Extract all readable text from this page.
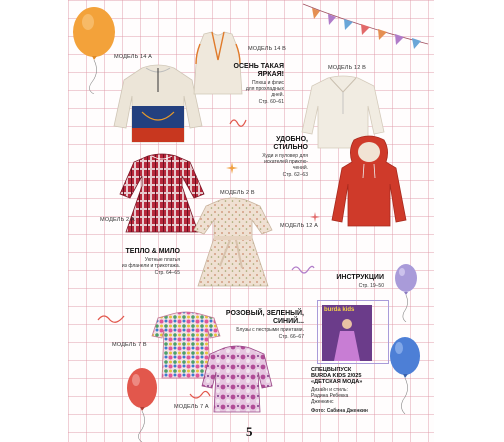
burda kids
МОДЕЛЬ 14 А
МОДЕЛЬ 14 В
МОДЕЛЬ 12 В
МОДЕЛЬ 2 В
МОДЕЛЬ 2 А
МОДЕЛЬ 12 А
МОДЕЛЬ 7 В
МОДЕЛЬ 7 А
ОСЕНЬ ТАКАЯ
ЯРКАЯ!
Плюш и флис
для прохладных
дней.
Стр. 60–61
УДОБНО,
СТИЛЬНО
Худи и пуловер для
искателей приклю-
чений.
Стр. 62–63
ТЕПЛО & МИЛО
Уютные платья
из фланели и трикотажа.
Стр. 64–65
ИНСТРУКЦИИ
Стр. 19–50
РОЗОВЫЙ, ЗЕЛЕНЫЙ,
СИНИЙ...
Блузы с пестрыми принтами.
Стр. 66–67
СПЕЦВЫПУСК
BURDA KIDS 2/025
«ДЕТСКАЯ МОДА»
Дизайн и стиль:
Радина Ребекка
Дженкинс
Фото: Сабина Дженкин
5
